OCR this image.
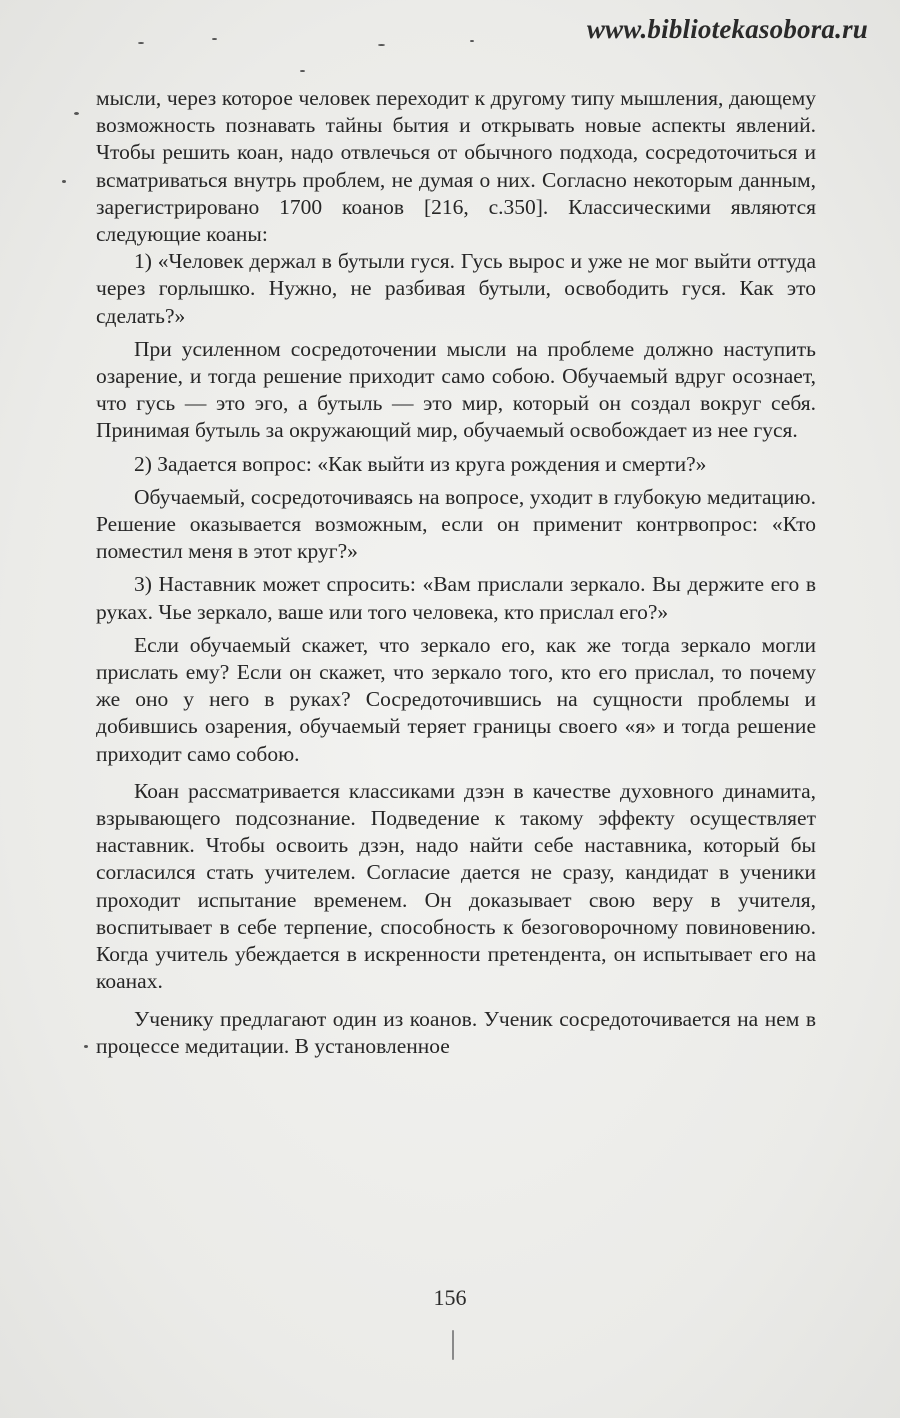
www.bibliotekasobora.ru

мысли, через которое человек переходит к другому типу мышления, дающему возможность познавать тайны бытия и открывать новые аспекты явлений. Чтобы решить коан, надо отвлечься от обычного подхода, сосредоточиться и всматриваться внутрь проблем, не думая о них. Согласно некоторым данным, зарегистрировано 1700 коанов [216, с.350]. Классическими являются следующие коаны:

1) «Человек держал в бутыли гуся. Гусь вырос и уже не мог выйти оттуда через горлышко. Нужно, не разбивая бутыли, освободить гуся. Как это сделать?»

При усиленном сосредоточении мысли на проблеме должно наступить озарение, и тогда решение приходит само собою. Обучаемый вдруг осознает, что гусь — это эго, а бутыль — это мир, который он создал вокруг себя. Принимая бутыль за окружающий мир, обучаемый освобождает из нее гуся.

2) Задается вопрос: «Как выйти из круга рождения и смерти?»

Обучаемый, сосредоточиваясь на вопросе, уходит в глубокую медитацию. Решение оказывается возможным, если он применит контрвопрос: «Кто поместил меня в этот круг?»

3) Наставник может спросить: «Вам прислали зеркало. Вы держите его в руках. Чье зеркало, ваше или того человека, кто прислал его?»

Если обучаемый скажет, что зеркало его, как же тогда зеркало могли прислать ему? Если он скажет, что зеркало того, кто его прислал, то почему же оно у него в руках? Сосредоточившись на сущности проблемы и добившись озарения, обучаемый теряет границы своего «я» и тогда решение приходит само собою.

Коан рассматривается классиками дзэн в качестве духовного динамита, взрывающего подсознание. Подведение к такому эффекту осуществляет наставник. Чтобы освоить дзэн, надо найти себе наставника, который бы согласился стать учителем. Согласие дается не сразу, кандидат в ученики проходит испытание временем. Он доказывает свою веру в учителя, воспитывает в себе терпение, способность к безоговорочному повиновению. Когда учитель убеждается в искренности претендента, он испытывает его на коанах.

Ученику предлагают один из коанов. Ученик сосредоточивается на нем в процессе медитации. В установленное

156
